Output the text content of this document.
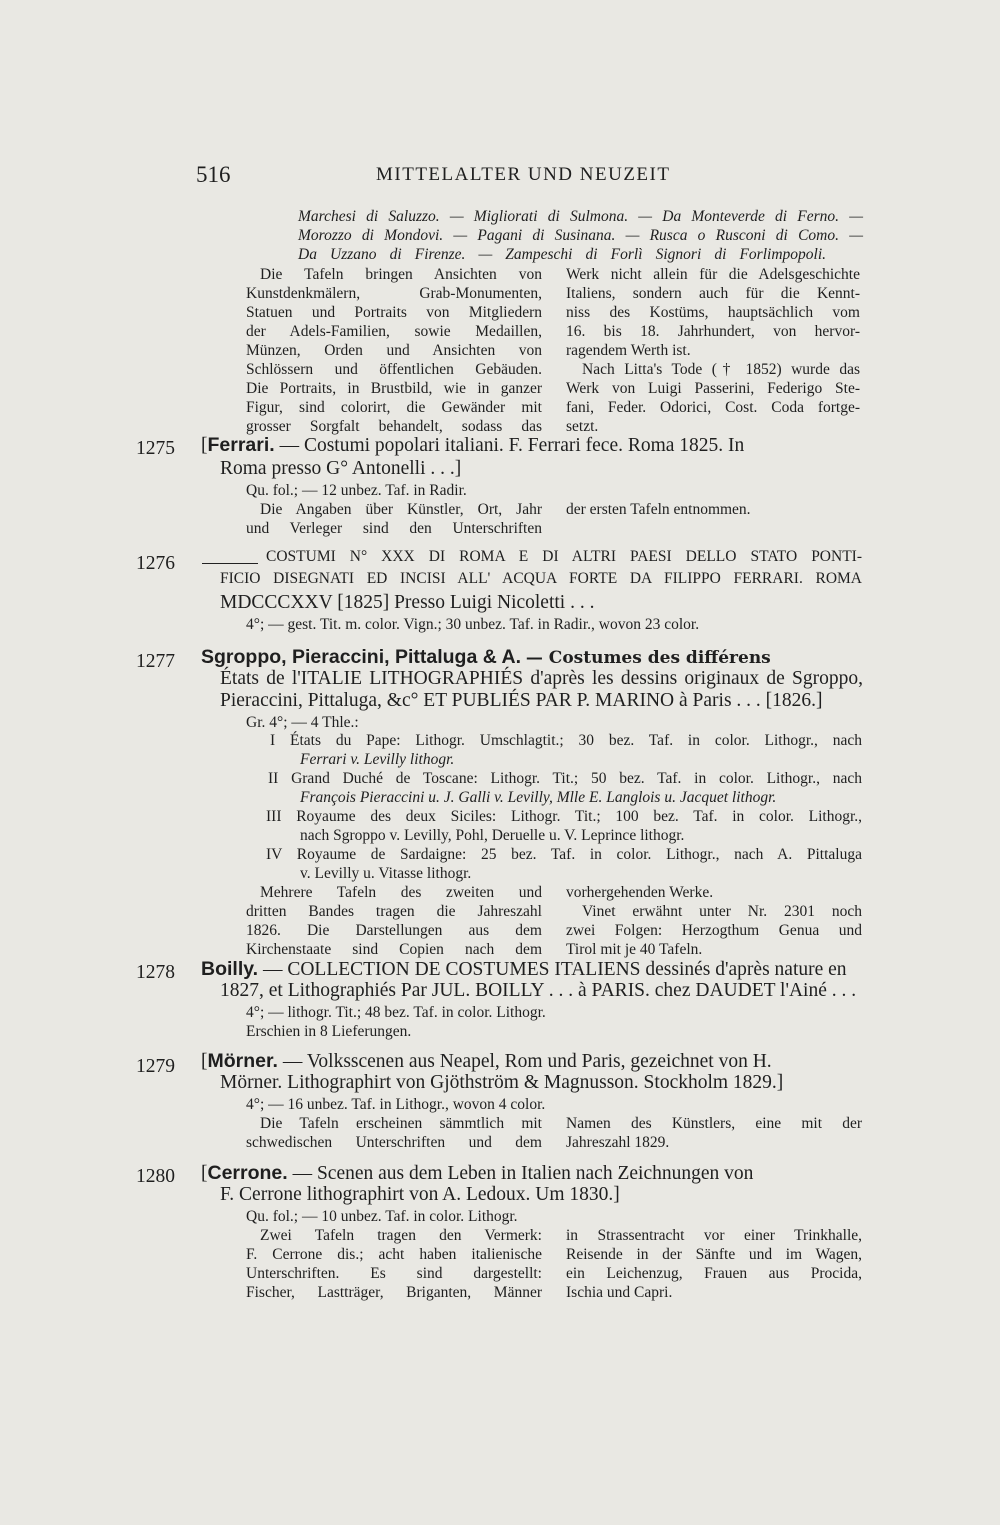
516	MITTELALTER UND NEUZEIT
Marchesi di Saluzzo. — Migliorati di Sulmona. — Da Monteverde di Ferno. —
Morozzo di Mondovi. — Pagani di Susinana. — Rusca o Rusconi di Como. —
Da Uzzano di Firenze. — Zampeschi di Forlì Signori di Forlimpopoli.
Die Tafeln bringen Ansichten von
Kunstdenkmälern, Grab-Monumenten,
Statuen und Portraits von Mitgliedern
der Adels-Familien, sowie Medaillen,
Münzen, Orden und Ansichten von
Schlössern und öffentlichen Gebäuden.
Die Portraits, in Brustbild, wie in ganzer
Figur, sind colorirt, die Gewänder mit
grosser Sorgfalt behandelt, sodass das
Werk nicht allein für die Adelsgeschichte
Italiens, sondern auch für die Kennt-
niss des Kostüms, hauptsächlich vom
16. bis 18. Jahrhundert, von hervor-
ragendem Werth ist.
Nach Litta's Tode († 1852) wurde das
Werk von Luigi Passerini, Federigo Ste-
fani, Feder. Odorici, Cost. Coda fortge-
setzt.
1275 [Ferrari. — Costumi popolari italiani. F. Ferrari fece. Roma 1825. In
Roma presso G° Antonelli . . .]
Qu. fol.; — 12 unbez. Taf. in Radir.
Die Angaben über Künstler, Ort, Jahr
und Verleger sind den Unterschriften
der ersten Tafeln entnommen.
1276	COSTUMI N° XXX DI ROMA E DI ALTRI PAESI DELLO STATO PONTI-
FICIO DISEGNATI ED INCISI ALL' ACQUA FORTE DA FILIPPO FERRARI. ROMA
MDCCCXXV [1825] Presso Luigi Nicoletti . . .
4°; — gest. Tit. m. color. Vign.; 30 unbez. Taf. in Radir., wovon 23 color.
1277 Sgroppo, Pieraccini, Pittaluga & A. — Costumes des différens
États de l'ITALIE LITHOGRAPHIÉS d'après les dessins originaux de Sgroppo,
Pieraccini, Pittaluga, &c° ET PUBLIÉS PAR P. MARINO à Paris . . . [1826.]
Gr. 4°; — 4 Thle.:
I États du Pape: Lithogr. Umschlagtit.; 30 bez. Taf. in color. Lithogr., nach
Ferrari v. Levilly lithogr.
II Grand Duché de Toscane: Lithogr. Tit.; 50 bez. Taf. in color. Lithogr., nach
François Pieraccini u. J. Galli v. Levilly, Mlle E. Langlois u. Jacquet lithogr.
III Royaume des deux Siciles: Lithogr. Tit.; 100 bez. Taf. in color. Lithogr.,
nach Sgroppo v. Levilly, Pohl, Deruelle u. V. Leprince lithogr.
IV Royaume de Sardaigne: 25 bez. Taf. in color. Lithogr., nach A. Pittaluga
v. Levilly u. Vitasse lithogr.
Mehrere Tafeln des zweiten und
dritten Bandes tragen die Jahreszahl
1826. Die Darstellungen aus dem
Kirchenstaate sind Copien nach dem
vorhergehenden Werke.
Vinet erwähnt unter Nr. 2301 noch
zwei Folgen: Herzogthum Genua und
Tirol mit je 40 Tafeln.
1278 Boilly. — COLLECTION DE COSTUMES ITALIENS dessinés d'après nature en
1827, et Lithographiés Par JUL. BOILLY . . . à PARIS. chez DAUDET l'Ainé . . .
4°; — lithogr. Tit.; 48 bez. Taf. in color. Lithogr.
Erschien in 8 Lieferungen.
1279 [Mörner. — Volksscenen aus Neapel, Rom und Paris, gezeichnet von H.
Mörner. Lithographirt von Gjöthström & Magnusson. Stockholm 1829.]
4°; — 16 unbez. Taf. in Lithogr., wovon 4 color.
Die Tafeln erscheinen sämmtlich mit
schwedischen Unterschriften und dem
Namen des Künstlers, eine mit der
Jahreszahl 1829.
1280 [Cerrone. — Scenen aus dem Leben in Italien nach Zeichnungen von
F. Cerrone lithographirt von A. Ledoux. Um 1830.]
Qu. fol.; — 10 unbez. Taf. in color. Lithogr.
Zwei Tafeln tragen den Vermerk:
F. Cerrone dis.; acht haben italienische
Unterschriften. Es sind dargestellt:
Fischer, Lastträger, Briganten, Männer
in Strassentracht vor einer Trinkhalle,
Reisende in der Sänfte und im Wagen,
ein Leichenzug, Frauen aus Procida,
Ischia und Capri.
